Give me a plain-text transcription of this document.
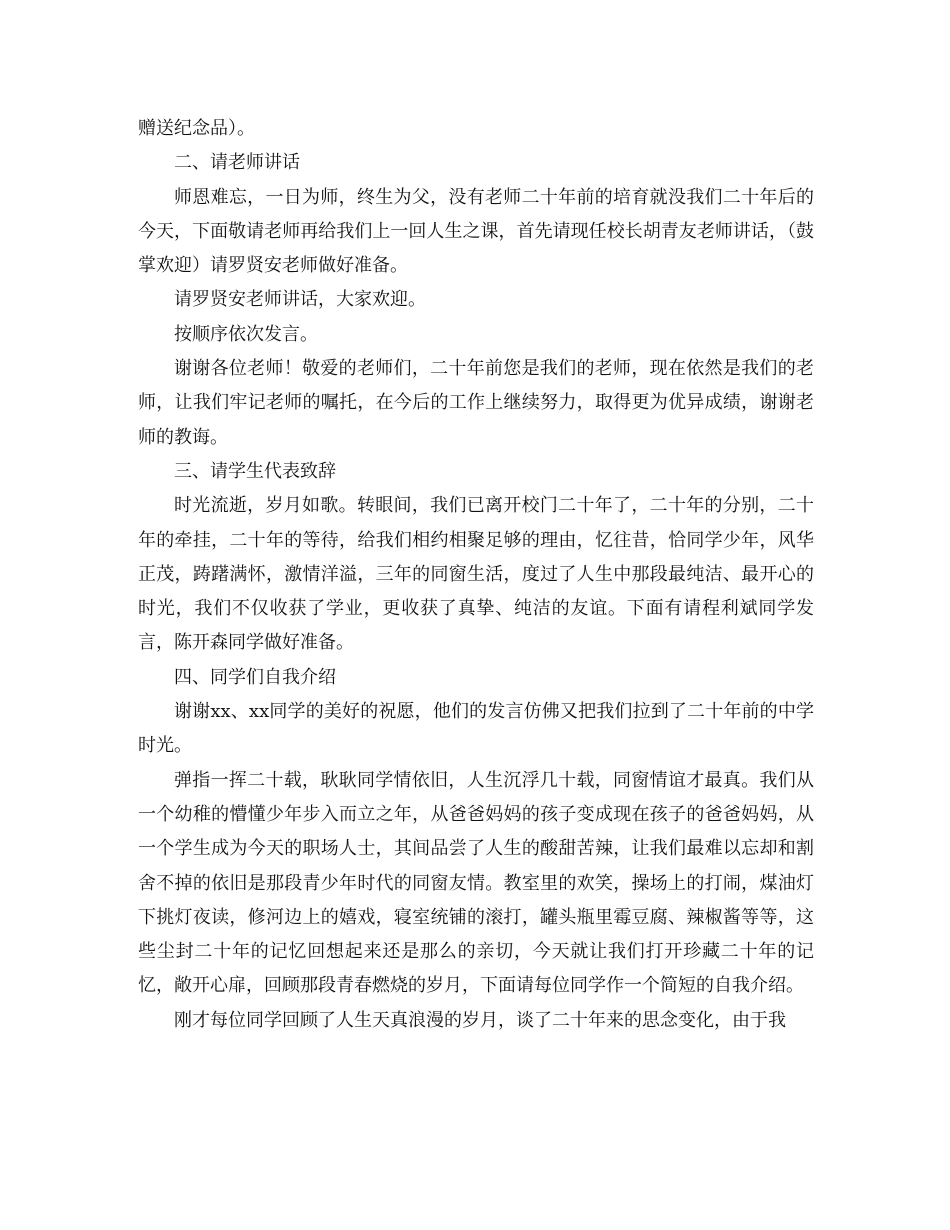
赠送纪念品）。

二、请老师讲话

师恩难忘，一日为师，终生为父，没有老师二十年前的培育就没我们二十年后的今天，下面敬请老师再给我们上一回人生之课，首先请现任校长胡青友老师讲话，（鼓掌欢迎）请罗贤安老师做好准备。

请罗贤安老师讲话，大家欢迎。

按顺序依次发言。

谢谢各位老师！敬爱的老师们，二十年前您是我们的老师，现在依然是我们的老师，让我们牢记老师的嘱托，在今后的工作上继续努力，取得更为优异成绩，谢谢老师的教诲。

三、请学生代表致辞

时光流逝，岁月如歌。转眼间，我们已离开校门二十年了，二十年的分别，二十年的牵挂，二十年的等待，给我们相约相聚足够的理由，忆往昔，恰同学少年，风华正茂，踌躇满怀，激情洋溢，三年的同窗生活，度过了人生中那段最纯洁、最开心的时光，我们不仅收获了学业，更收获了真挚、纯洁的友谊。下面有请程利斌同学发言，陈开森同学做好准备。

四、同学们自我介绍

谢谢xx、xx同学的美好的祝愿，他们的发言仿佛又把我们拉到了二十年前的中学时光。

弹指一挥二十载，耿耿同学情依旧，人生沉浮几十载，同窗情谊才最真。我们从一个幼稚的懵懂少年步入而立之年，从爸爸妈妈的孩子变成现在孩子的爸爸妈妈，从一个学生成为今天的职场人士，其间品尝了人生的酸甜苦辣，让我们最难以忘却和割舍不掉的依旧是那段青少年时代的同窗友情。教室里的欢笑，操场上的打闹，煤油灯下挑灯夜读，修河边上的嬉戏，寝室统铺的滚打，罐头瓶里霉豆腐、辣椒酱等等，这些尘封二十年的记忆回想起来还是那么的亲切，今天就让我们打开珍藏二十年的记忆，敞开心扉，回顾那段青春燃烧的岁月，下面请每位同学作一个简短的自我介绍。

刚才每位同学回顾了人生天真浪漫的岁月，谈了二十年来的思念变化，由于我
